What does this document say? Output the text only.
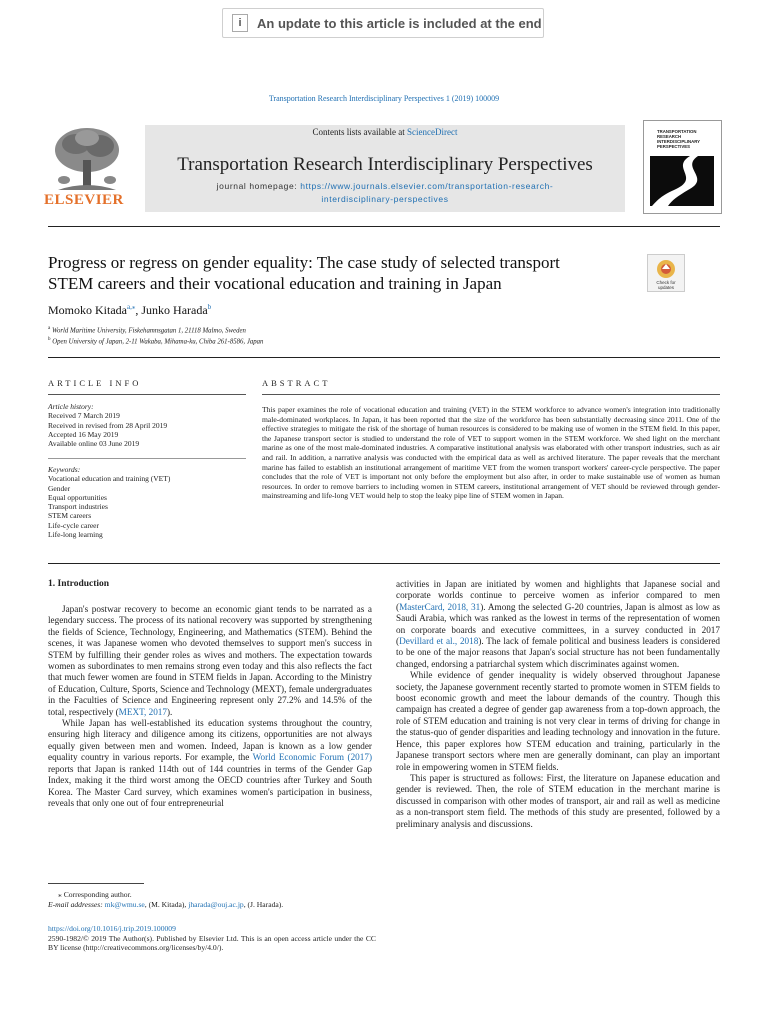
i	An update to this article is included at the end
Transportation Research Interdisciplinary Perspectives 1 (2019) 100009
Contents lists available at ScienceDirect
Transportation Research Interdisciplinary Perspectives
journal homepage: https://www.journals.elsevier.com/transportation-research-
interdisciplinary-perspectives
ELSEVIER
TRANSPORTATION
RESEARCH
INTERDISCIPLINARY
PERSPECTIVES
Progress or regress on gender equality: The case study of selected transport
STEM careers and their vocational education and training in Japan	Check for
updates
Momoko Kitada$^{a,⁎}$, Junko Harada$^b$
$^a$ World Maritime University, Fiskehamnsgatan 1, 21118 Malmo, Sweden
$^b$ Open University of Japan, 2-11 Wakaba, Mihama-ku, Chiba 261-8586, Japan
ARTICLE INFO	ABSTRACT
Article history:
Received 7 March 2019
Received in revised from 28 April 2019
Accepted 16 May 2019
Available online 03 June 2019
Keywords:
Vocational education and training (VET)
Gender
Equal opportunities
Transport industries
STEM careers
Life-cycle career
Life-long learning
This paper examines the role of vocational education and training (VET) in the STEM workforce to advance women's integration into traditionally male-dominated workplaces. In Japan, it has been reported that the size of the workforce has been substantially decreasing since 2011. One of the effective strategies to mitigate the risk of the shortage of human resources is considered to be making use of women in the STEM field. In this paper, the Japanese transport sector is studied to understand the role of VET to support women in the STEM workforce. We shed light on the merchant marine as one of the most male-dominated industries. A comparative institutional analysis was elaborated with other transport industries, such as air and rail. In addition, a narrative analysis was conducted with the empirical data as well as archived literature. The paper reveals that the merchant marine has failed to establish an institutional arrangement of maritime VET from the women transport workers' career-cycle perspective. The paper concludes that the role of VET is important not only before the employment but also after, in order to make sustainable use of women as human resources. In order to remove barriers to including women in STEM careers, institutional arrangement of VET should be reviewed through gender-mainstreaming and life-long VET would help to stop the leaky pipe line of STEM women in Japan.
1. Introduction

Japan's postwar recovery to become an economic giant tends to be narrated as a legendary success. The process of its national recovery was supported by strengthening the fields of Science, Technology, Engineering, and Mathematics (STEM). Behind the scenes, it was Japanese women who devoted themselves to support men's success in STEM by fulfilling their gender roles as wives and mothers. The expectation towards women as subordinates to men remains strong even today and this also reflects the fact that much fewer women are found in STEM fields in Japan. According to the Ministry of Education, Culture, Sports, Science and Technology (MEXT), female undergraduates in the Faculties of Science and Engineering represent only 27.2% and 14.5% of the total, respectively (MEXT, 2017).

While Japan has well-established its education systems throughout the country, ensuring high literacy and diligence among its citizens, opportunities are not always equally given between men and women. Indeed, Japan is known as a low gender equality country in various reports. For example, the World Economic Forum (2017) reports that Japan is ranked 114th out of 144 countries in terms of the Gender Gap Index, making it the third worst among the OECD countries after Turkey and South Korea. The Master Card survey, which examines women's participation in business, reveals that only one out of four entrepreneurial

activities in Japan are initiated by women and highlights that Japanese social and corporate worlds continue to perceive women as inferior compared to men (MasterCard, 2018, 31). Among the selected G-20 countries, Japan is almost as low as Saudi Arabia, which was ranked as the lowest in terms of the representation of women on corporate boards and executive committees, in a survey conducted in 2017 (Devillard et al., 2018). The lack of female political and business leaders is considered to be one of the major reasons that Japan's social structure has not been fundamentally changed, endorsing a patriarchal system which discriminates against women.

While evidence of gender inequality is widely observed throughout Japanese society, the Japanese government recently started to promote women in STEM fields to boost economic growth and meet the labour demands of the country. Though this campaign has created a degree of gender gap awareness from a top-down approach, the role of STEM education and training is not very clear in terms of driving for change in the status-quo of gender disparities and leading technology and innovation in the future. Hence, this paper explores how STEM education and training, particularly in the Japanese transport sectors where men are generally dominant, can play an important role in empowering women in STEM fields.

This paper is structured as follows: First, the literature on Japanese education and gender is reviewed. Then, the role of STEM education in the merchant marine is discussed in comparison with other modes of transport, air and rail as well as medicine as a non-transport stem field. The methods of this study are presented, followed by a preliminary analysis and discussions.

⁎ Corresponding author.
E-mail addresses: mk@wmu.se, (M. Kitada), jharada@ouj.ac.jp, (J. Harada).
https://doi.org/10.1016/j.trip.2019.100009
2590-1982/© 2019 The Author(s). Published by Elsevier Ltd. This is an open access article under the CC BY license (http://creativecommons.org/licenses/by/4.0/).
